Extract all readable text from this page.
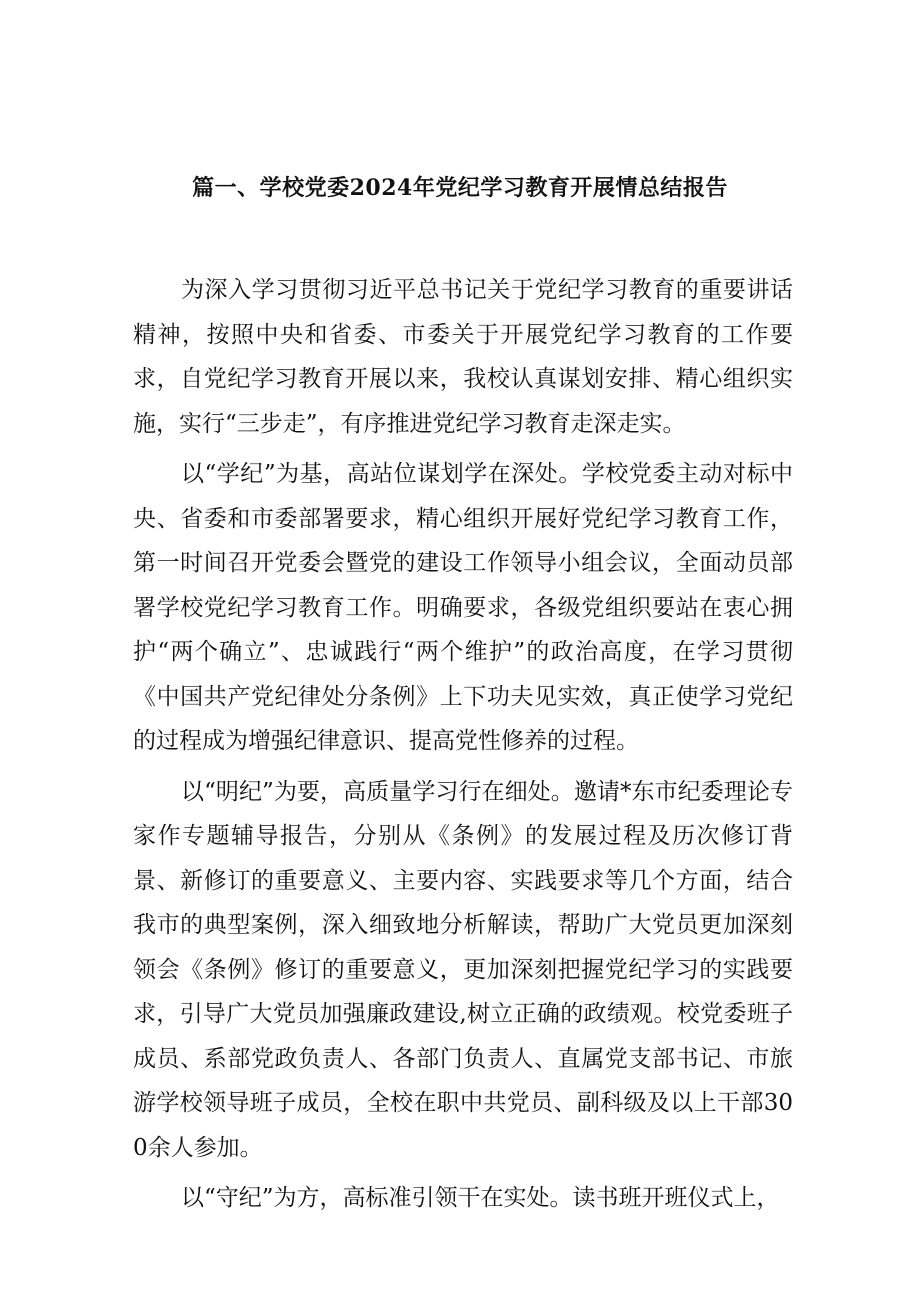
篇一、学校党委2024年党纪学习教育开展情总结报告

为深入学习贯彻习近平总书记关于党纪学习教育的重要讲话精神，按照中央和省委、市委关于开展党纪学习教育的工作要求，自党纪学习教育开展以来，我校认真谋划安排、精心组织实施，实行“三步走”，有序推进党纪学习教育走深走实。

以“学纪”为基，高站位谋划学在深处。学校党委主动对标中央、省委和市委部署要求，精心组织开展好党纪学习教育工作，第一时间召开党委会暨党的建设工作领导小组会议，全面动员部署学校党纪学习教育工作。明确要求，各级党组织要站在衷心拥护“两个确立”、忠诚践行“两个维护”的政治高度，在学习贯彻《中国共产党纪律处分条例》上下功夫见实效，真正使学习党纪的过程成为增强纪律意识、提高党性修养的过程。

以“明纪”为要，高质量学习行在细处。邀请*东市纪委理论专家作专题辅导报告，分别从《条例》的发展过程及历次修订背景、新修订的重要意义、主要内容、实践要求等几个方面，结合我市的典型案例，深入细致地分析解读，帮助广大党员更加深刻领会《条例》修订的重要意义，更加深刻把握党纪学习的实践要求，引导广大党员加强廉政建设,树立正确的政绩观。校党委班子成员、系部党政负责人、各部门负责人、直属党支部书记、市旅游学校领导班子成员，全校在职中共党员、副科级及以上干部300余人参加。

以“守纪”为方，高标准引领干在实处。读书班开班仪式上，
